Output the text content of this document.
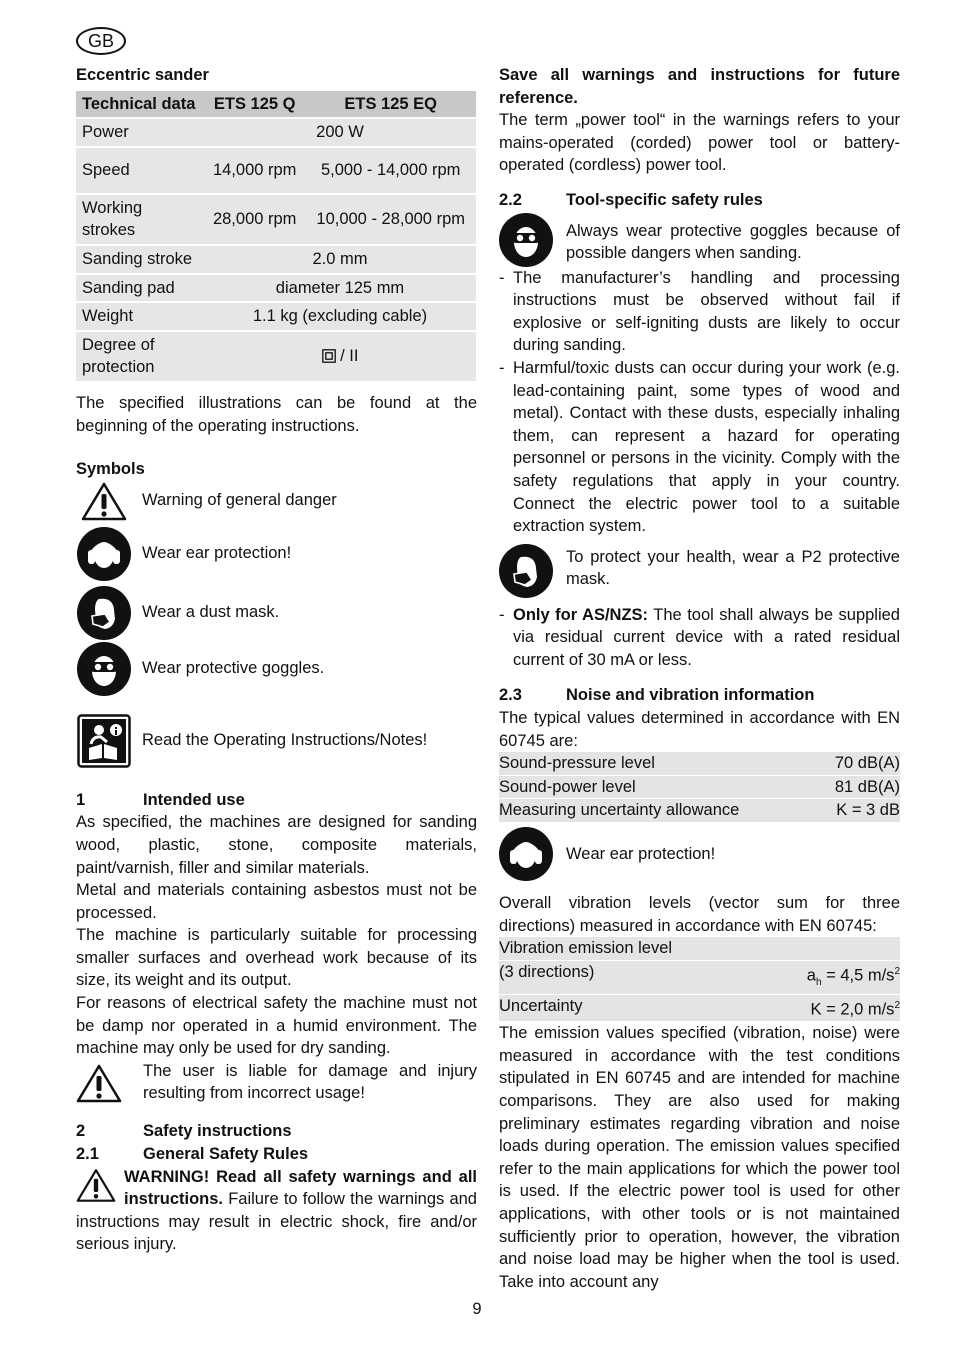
GB

Eccentric sander

Technical data	ETS 125 Q	ETS 125 EQ
Power	200 W	
Speed	14,000 rpm	5,000 - 14,000 rpm
Working strokes	28,000 rpm	10,000 - 28,000 rpm
Sanding stroke	2.0 mm	
Sanding pad	diameter 125 mm	
Weight	1.1 kg (excluding cable)	
Degree of protection	/ II	

The specified illustrations can be found at the beginning of the operating instructions.

Symbols

Warning of general danger
Wear ear protection!
Wear a dust mask.
Wear protective goggles.
Read the Operating Instructions/Notes!
1	Intended use

As specified, the machines are designed for sanding wood, plastic, stone, composite materials, paint/varnish, filler and similar materials.

Metal and materials containing asbestos must not be processed.

The machine is particularly suitable for processing smaller surfaces and overhead work because of its size, its weight and its output.

For reasons of electrical safety the machine must not be damp nor operated in a humid environment. The machine may only be used for dry sanding.

The user is liable for damage and injury resulting from incorrect usage!

2	Safety instructions
2.1	General Safety Rules

WARNING! Read all safety warnings and all instructions. Failure to follow the warnings and instructions may result in electric shock, fire and/or serious injury.

Save all warnings and instructions for future reference.

The term „power tool“ in the warnings refers to your mains-operated (corded) power tool or battery-operated (cordless) power tool.

2.2	Tool-specific safety rules

Always wear protective goggles because of possible dangers when sanding.

- The manufacturer’s handling and processing instructions must be observed without fail if explosive or self-igniting dusts are likely to occur during sanding.
- Harmful/toxic dusts can occur during your work (e.g. lead-containing paint, some types of wood and metal). Contact with these dusts, especially inhaling them, can represent a hazard for operating personnel or persons in the vicinity. Comply with the safety regulations that apply in your country. Connect the electric power tool to a suitable extraction system.

To protect your health, wear a P2 protective mask.

- Only for AS/NZS: The tool shall always be supplied via residual current device with a rated residual current of 30 mA or less.
2.3	Noise and vibration information

The typical values determined in accordance with EN 60745 are:

Sound-pressure level	70 dB(A)
Sound-power level	81 dB(A)
Measuring uncertainty allowance	K = 3 dB
Wear ear protection!

Overall vibration levels (vector sum for three directions) measured in accordance with EN 60745:

Vibration emission level
(3 directions)	$a_h = 4,5$ $m/s^2$
Uncertainty	K = 2,0 $m/s^2$

The emission values specified (vibration, noise) were measured in accordance with the test conditions stipulated in EN 60745 and are intended for machine comparisons. They are also used for making preliminary estimates regarding vibration and noise loads during operation. The emission values specified refer to the main applications for which the power tool is used. If the electric power tool is used for other applications, with other tools or is not maintained sufficiently prior to operation, however, the vibration and noise load may be higher when the tool is used. Take into account any

9
